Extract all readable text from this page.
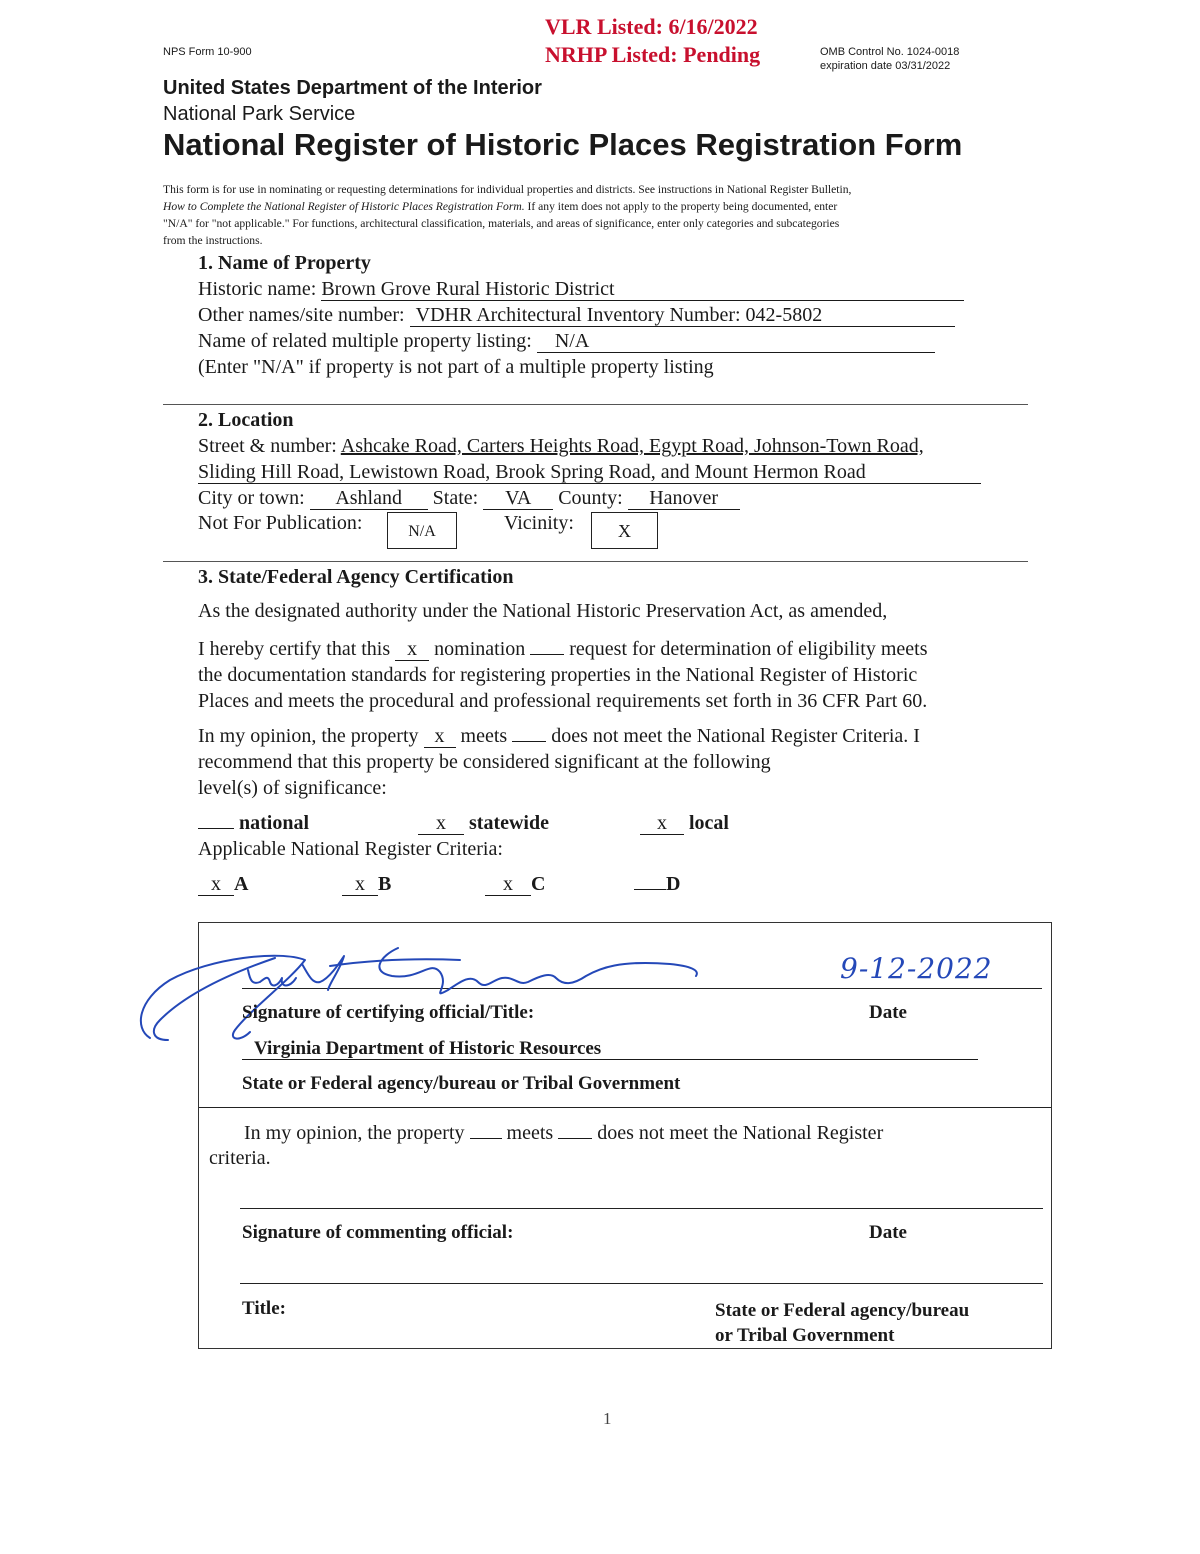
VLR Listed: 6/16/2022
NRHP Listed: Pending
NPS Form 10-900	OMB Control No. 1024-0018
expiration date 03/31/2022
United States Department of the Interior
National Park Service
National Register of Historic Places Registration Form
This form is for use in nominating or requesting determinations for individual properties and districts. See instructions in National Register Bulletin,
How to Complete the National Register of Historic Places Registration Form. If any item does not apply to the property being documented, enter
"N/A" for "not applicable." For functions, architectural classification, materials, and areas of significance, enter only categories and subcategories
from the instructions.
1. Name of Property
Historic name: Brown Grove Rural Historic District
Other names/site number: VDHR Architectural Inventory Number: 042-5802
Name of related multiple property listing: N/A
(Enter "N/A" if property is not part of a multiple property listing
2. Location
Street & number: Ashcake Road, Carters Heights Road, Egypt Road, Johnson-Town Road,
Sliding Hill Road, Lewistown Road, Brook Spring Road, and Mount Hermon Road
City or town: Ashland State: VA County: Hanover
Not For Publication:	N/A	Vicinity:	X
3. State/Federal Agency Certification
As the designated authority under the National Historic Preservation Act, as amended,
I hereby certify that this x nomination  request for determination of eligibility meets
the documentation standards for registering properties in the National Register of Historic
Places and meets the procedural and professional requirements set forth in 36 CFR Part 60.
In my opinion, the property x meets  does not meet the National Register Criteria. I
recommend that this property be considered significant at the following
level(s) of significance:
national	x statewide	x local
Applicable National Register Criteria:
x A	x B	x C	D
9-12-2022
Signature of certifying official/Title:	Date
Virginia Department of Historic Resources
State or Federal agency/bureau or Tribal Government
In my opinion, the property  meets  does not meet the National Register
criteria.
Signature of commenting official:	Date
Title:	State or Federal agency/bureau
or Tribal Government
1
